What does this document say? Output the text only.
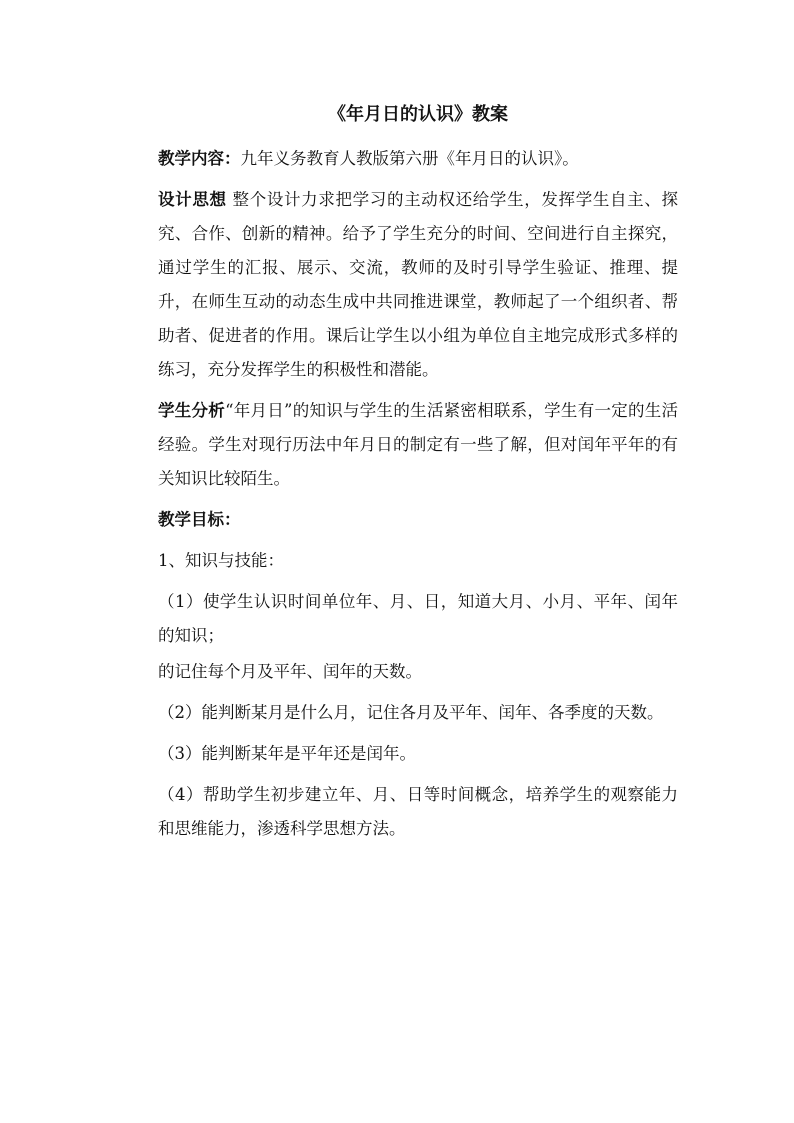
《年月日的认识》教案

教学内容：九年义务教育人教版第六册《年月日的认识》。

设计思想 整个设计力求把学习的主动权还给学生，发挥学生自主、探究、合作、创新的精神。给予了学生充分的时间、空间进行自主探究，通过学生的汇报、展示、交流，教师的及时引导学生验证、推理、提升，在师生互动的动态生成中共同推进课堂，教师起了一个组织者、帮助者、促进者的作用。课后让学生以小组为单位自主地完成形式多样的练习，充分发挥学生的积极性和潜能。

学生分析“年月日”的知识与学生的生活紧密相联系，学生有一定的生活经验。学生对现行历法中年月日的制定有一些了解，但对闰年平年的有关知识比较陌生。

教学目标：
1、知识与技能：
（1）使学生认识时间单位年、月、日，知道大月、小月、平年、闰年的知识；
的记住每个月及平年、闰年的天数。
（2）能判断某月是什么月，记住各月及平年、闰年、各季度的天数。
（3）能判断某年是平年还是闰年。
（4）帮助学生初步建立年、月、日等时间概念，培养学生的观察能力和思维能力，渗透科学思想方法。
